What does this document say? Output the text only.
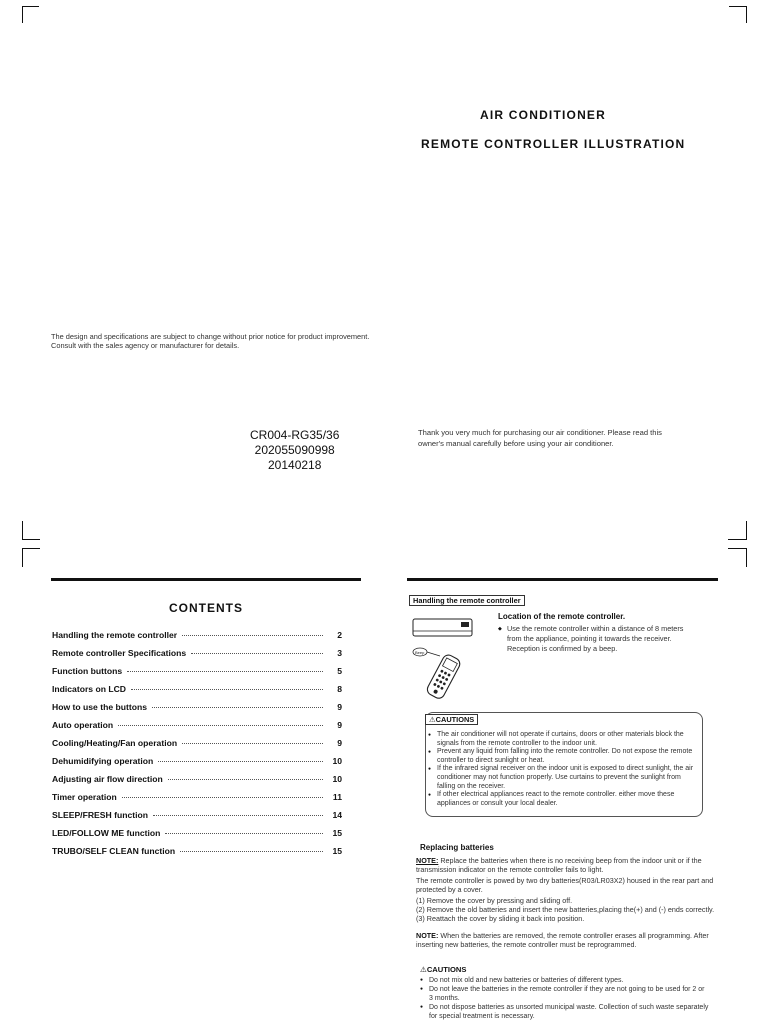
AIR CONDITIONER
REMOTE CONTROLLER ILLUSTRATION
The design and specifications are subject to change without prior notice for product improvement. Consult with the sales agency or manufacturer for details.
CR004-RG35/36
202055090998
20140218
Thank you very much for purchasing our air conditioner. Please read this owner's manual carefully before using your air conditioner.
CONTENTS
Handling the remote controller	2
Remote controller Specifications	3
Function buttons	5
Indicators on LCD	8
How to use the buttons	9
Auto operation	9
Cooling/Heating/Fan operation	9
Dehumidifying operation	10
Adjusting air flow direction	10
Timer operation	11
SLEEP/FRESH function	14
LED/FOLLOW ME function	15
TRUBO/SELF CLEAN function	15
Handling the remote controller
Beep
Location of the remote controller.
◆ Use the remote controller within a distance of 8 meters from the appliance, pointing it towards the receiver. Reception is confirmed by a beep.
⚠CAUTIONS
● The air conditioner will not operate if curtains, doors or other materials block the signals from the remote controller to the indoor unit.
● Prevent any liquid from falling into the remote controller. Do not expose the remote controller to direct sunlight or heat.
● If the infrared signal receiver on the indoor unit is exposed to direct sunlight, the air conditioner may not function properly. Use curtains to prevent the sunlight from falling on the receiver.
● If other electrical appliances react to the remote controller. either move these appliances or consult your local dealer.
Replacing batteries

NOTE: Replace the batteries when there is no receiving beep from the indoor unit or if the transmission indicator on the remote controller fails to light.

The remote controller is powed by two dry batteries(R03/LR03X2) housed in the rear part and protected by a cover.

(1) Remove the cover by pressing and sliding off.
(2) Remove the old batteries and insert the new batteries,placing the(+) and (-) ends correctly.
(3) Reattach the cover by sliding it back into position.

NOTE: When the batteries are removed, the remote controller erases all programming. After inserting new batteries, the remote controller must be reprogrammed.

⚠CAUTIONS
● Do not mix old and new batteries or batteries of different types.
● Do not leave the batteries in the remote controller if they are not going to be used for 2 or 3 months.
● Do not dispose batteries as unsorted municipal waste. Collection of such waste separately for special treatment is necessary.
